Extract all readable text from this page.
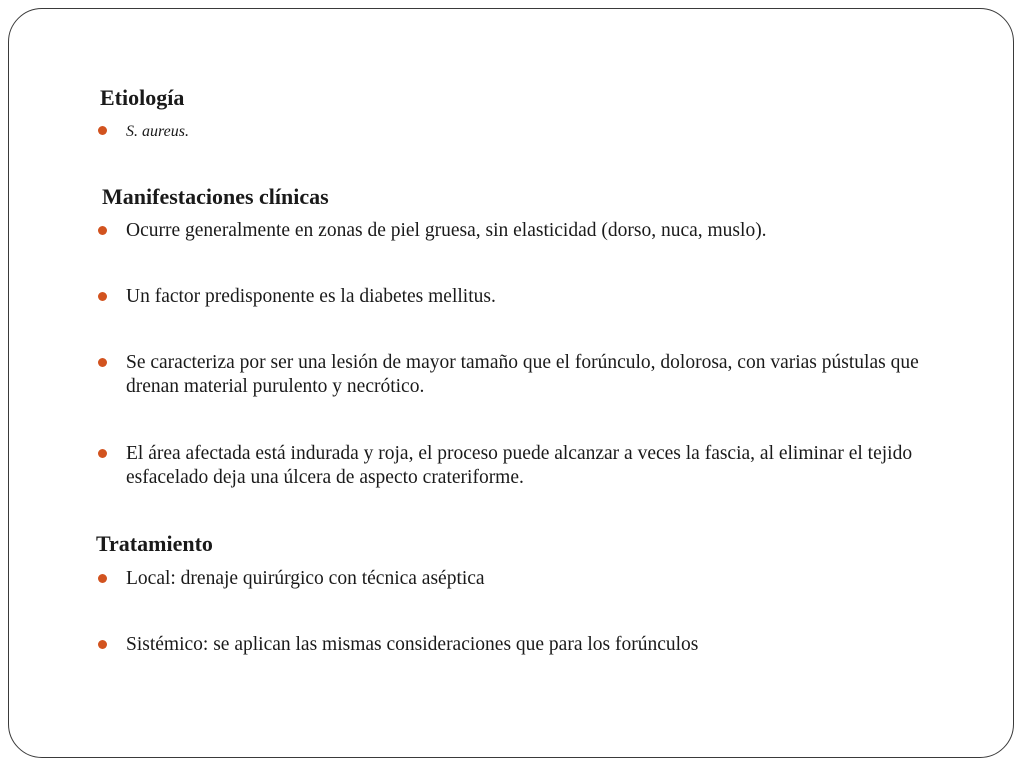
Etiología
S. aureus.
Manifestaciones clínicas
Ocurre generalmente en zonas de piel gruesa, sin elasticidad (dorso, nuca, muslo).
Un factor predisponente es la diabetes mellitus.
Se caracteriza por ser una lesión de mayor tamaño que el forúnculo, dolorosa, con varias pústulas que drenan material purulento y necrótico.
El área afectada está indurada y roja, el proceso puede alcanzar a veces la fascia, al eliminar el tejido esfacelado deja una úlcera de aspecto crateriforme.
Tratamiento
Local: drenaje quirúrgico con técnica aséptica
Sistémico: se aplican las mismas consideraciones que para los forúnculos
